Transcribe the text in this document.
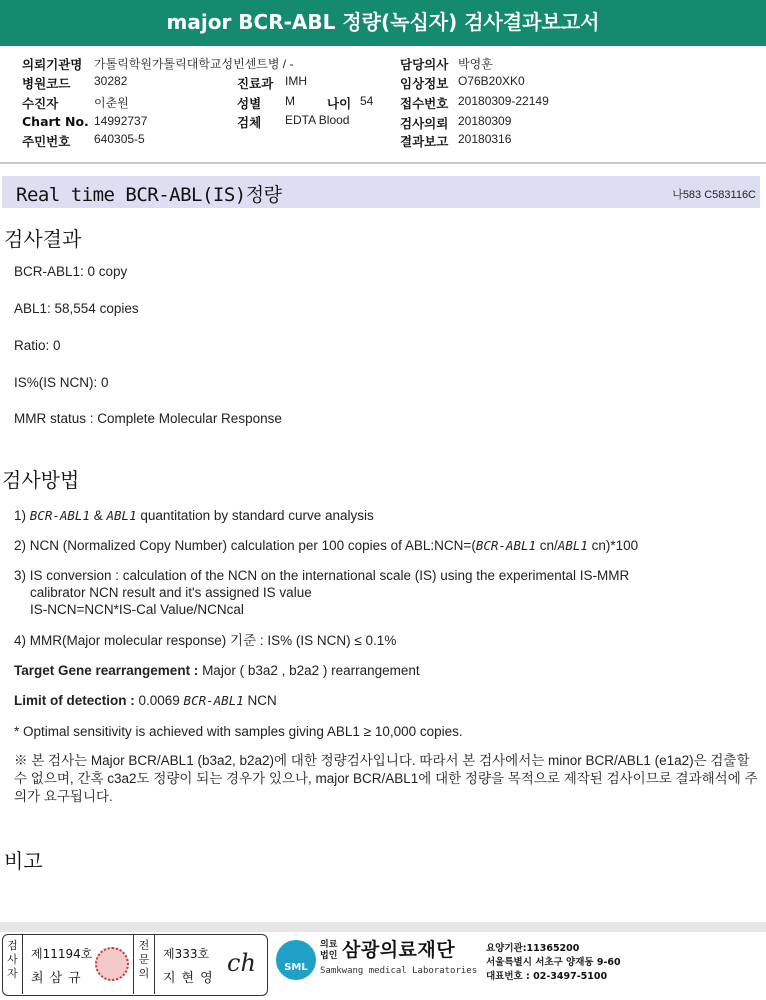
major BCR-ABL 정량(녹십자) 검사결과보고서
의뢰기관명 가톨릭학원가톨릭대학교성빈센트병 / -
병원코드 30282
수진자	이춘원
Chart No. 14992737
주민번호 640305-5
진료과 IMH
성별 M	나이 54
검체 EDTA Blood
담당의사 박영훈
임상정보 O76B20XK0
접수번호 20180309-22149
검사의뢰 20180309
결과보고 20180316
Real time BCR-ABL(IS)정량	나583 C583116C
검사결과
BCR-ABL1: 0 copy
ABL1: 58,554 copies
Ratio: 0
IS%(IS NCN): 0
MMR status : Complete Molecular Response
검사방법
1) BCR-ABL1 & ABL1 quantitation by standard curve analysis
2) NCN (Normalized Copy Number) calculation per 100 copies of ABL:NCN=(BCR-ABL1 cn/ABL1 cn)*100
3) IS conversion : calculation of the NCN on the international scale (IS) using the experimental IS-MMR
calibrator NCN result and it's assigned IS value
IS-NCN=NCN*IS-Cal Value/NCNcal
4) MMR(Major molecular response) 기준 : IS% (IS NCN) ≤ 0.1%
Target Gene rearrangement : Major ( b3a2 , b2a2 ) rearrangement
Limit of detection : 0.0069 BCR-ABL1 NCN
* Optimal sensitivity is achieved with samples giving ABL1 ≥ 10,000 copies.
※ 본 검사는 Major BCR/ABL1 (b3a2, b2a2)에 대한 정량검사입니다. 따라서 본 검사에서는 minor BCR/ABL1 (e1a2)은 검출할 수 없으며, 간혹 c3a2도 정량이 되는 경우가 있으나, major BCR/ABL1에 대한 정량을 목적으로 제작된 검사이므로 결과해석에 주의가 요구됩니다.
비고
검사자
제11194호
최삼규
전문의
제333호
지현영
ch	SML
의료
법인 삼광의료재단
Samkwang medical Laboratories
요양기관:11365200
서울특별시 서초구 양재동 9-60
대표번호 : 02-3497-5100
